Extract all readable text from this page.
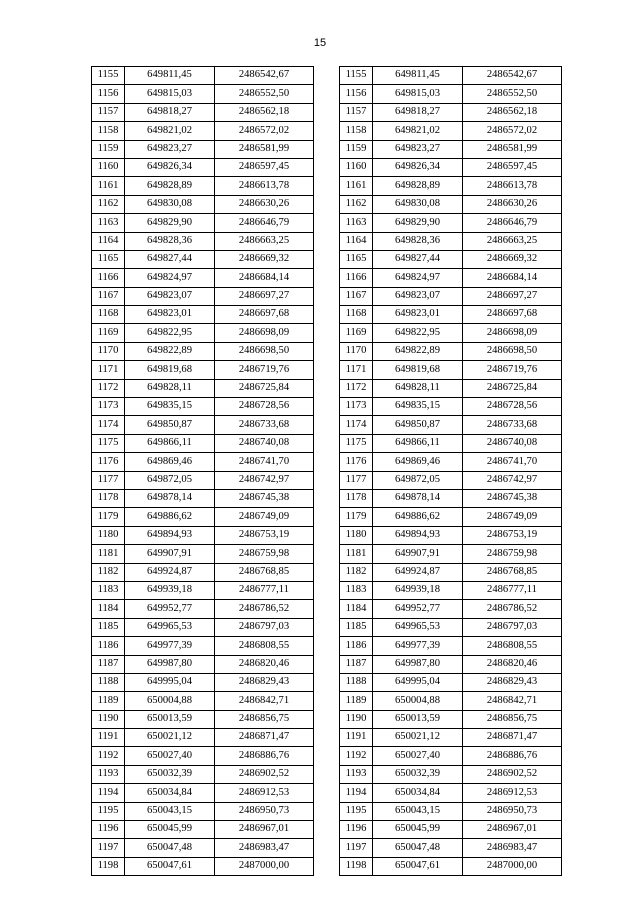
15
1155	649811,45	2486542,67		1155	649811,45	2486542,67
1156	649815,03	2486552,50		1156	649815,03	2486552,50
1157	649818,27	2486562,18		1157	649818,27	2486562,18
1158	649821,02	2486572,02		1158	649821,02	2486572,02
1159	649823,27	2486581,99		1159	649823,27	2486581,99
1160	649826,34	2486597,45		1160	649826,34	2486597,45
1161	649828,89	2486613,78		1161	649828,89	2486613,78
1162	649830,08	2486630,26		1162	649830,08	2486630,26
1163	649829,90	2486646,79		1163	649829,90	2486646,79
1164	649828,36	2486663,25		1164	649828,36	2486663,25
1165	649827,44	2486669,32		1165	649827,44	2486669,32
1166	649824,97	2486684,14		1166	649824,97	2486684,14
1167	649823,07	2486697,27		1167	649823,07	2486697,27
1168	649823,01	2486697,68		1168	649823,01	2486697,68
1169	649822,95	2486698,09		1169	649822,95	2486698,09
1170	649822,89	2486698,50		1170	649822,89	2486698,50
1171	649819,68	2486719,76		1171	649819,68	2486719,76
1172	649828,11	2486725,84		1172	649828,11	2486725,84
1173	649835,15	2486728,56		1173	649835,15	2486728,56
1174	649850,87	2486733,68		1174	649850,87	2486733,68
1175	649866,11	2486740,08		1175	649866,11	2486740,08
1176	649869,46	2486741,70		1176	649869,46	2486741,70
1177	649872,05	2486742,97		1177	649872,05	2486742,97
1178	649878,14	2486745,38		1178	649878,14	2486745,38
1179	649886,62	2486749,09		1179	649886,62	2486749,09
1180	649894,93	2486753,19		1180	649894,93	2486753,19
1181	649907,91	2486759,98		1181	649907,91	2486759,98
1182	649924,87	2486768,85		1182	649924,87	2486768,85
1183	649939,18	2486777,11		1183	649939,18	2486777,11
1184	649952,77	2486786,52		1184	649952,77	2486786,52
1185	649965,53	2486797,03		1185	649965,53	2486797,03
1186	649977,39	2486808,55		1186	649977,39	2486808,55
1187	649987,80	2486820,46		1187	649987,80	2486820,46
1188	649995,04	2486829,43		1188	649995,04	2486829,43
1189	650004,88	2486842,71		1189	650004,88	2486842,71
1190	650013,59	2486856,75		1190	650013,59	2486856,75
1191	650021,12	2486871,47		1191	650021,12	2486871,47
1192	650027,40	2486886,76		1192	650027,40	2486886,76
1193	650032,39	2486902,52		1193	650032,39	2486902,52
1194	650034,84	2486912,53		1194	650034,84	2486912,53
1195	650043,15	2486950,73		1195	650043,15	2486950,73
1196	650045,99	2486967,01		1196	650045,99	2486967,01
1197	650047,48	2486983,47		1197	650047,48	2486983,47
1198	650047,61	2487000,00		1198	650047,61	2487000,00
